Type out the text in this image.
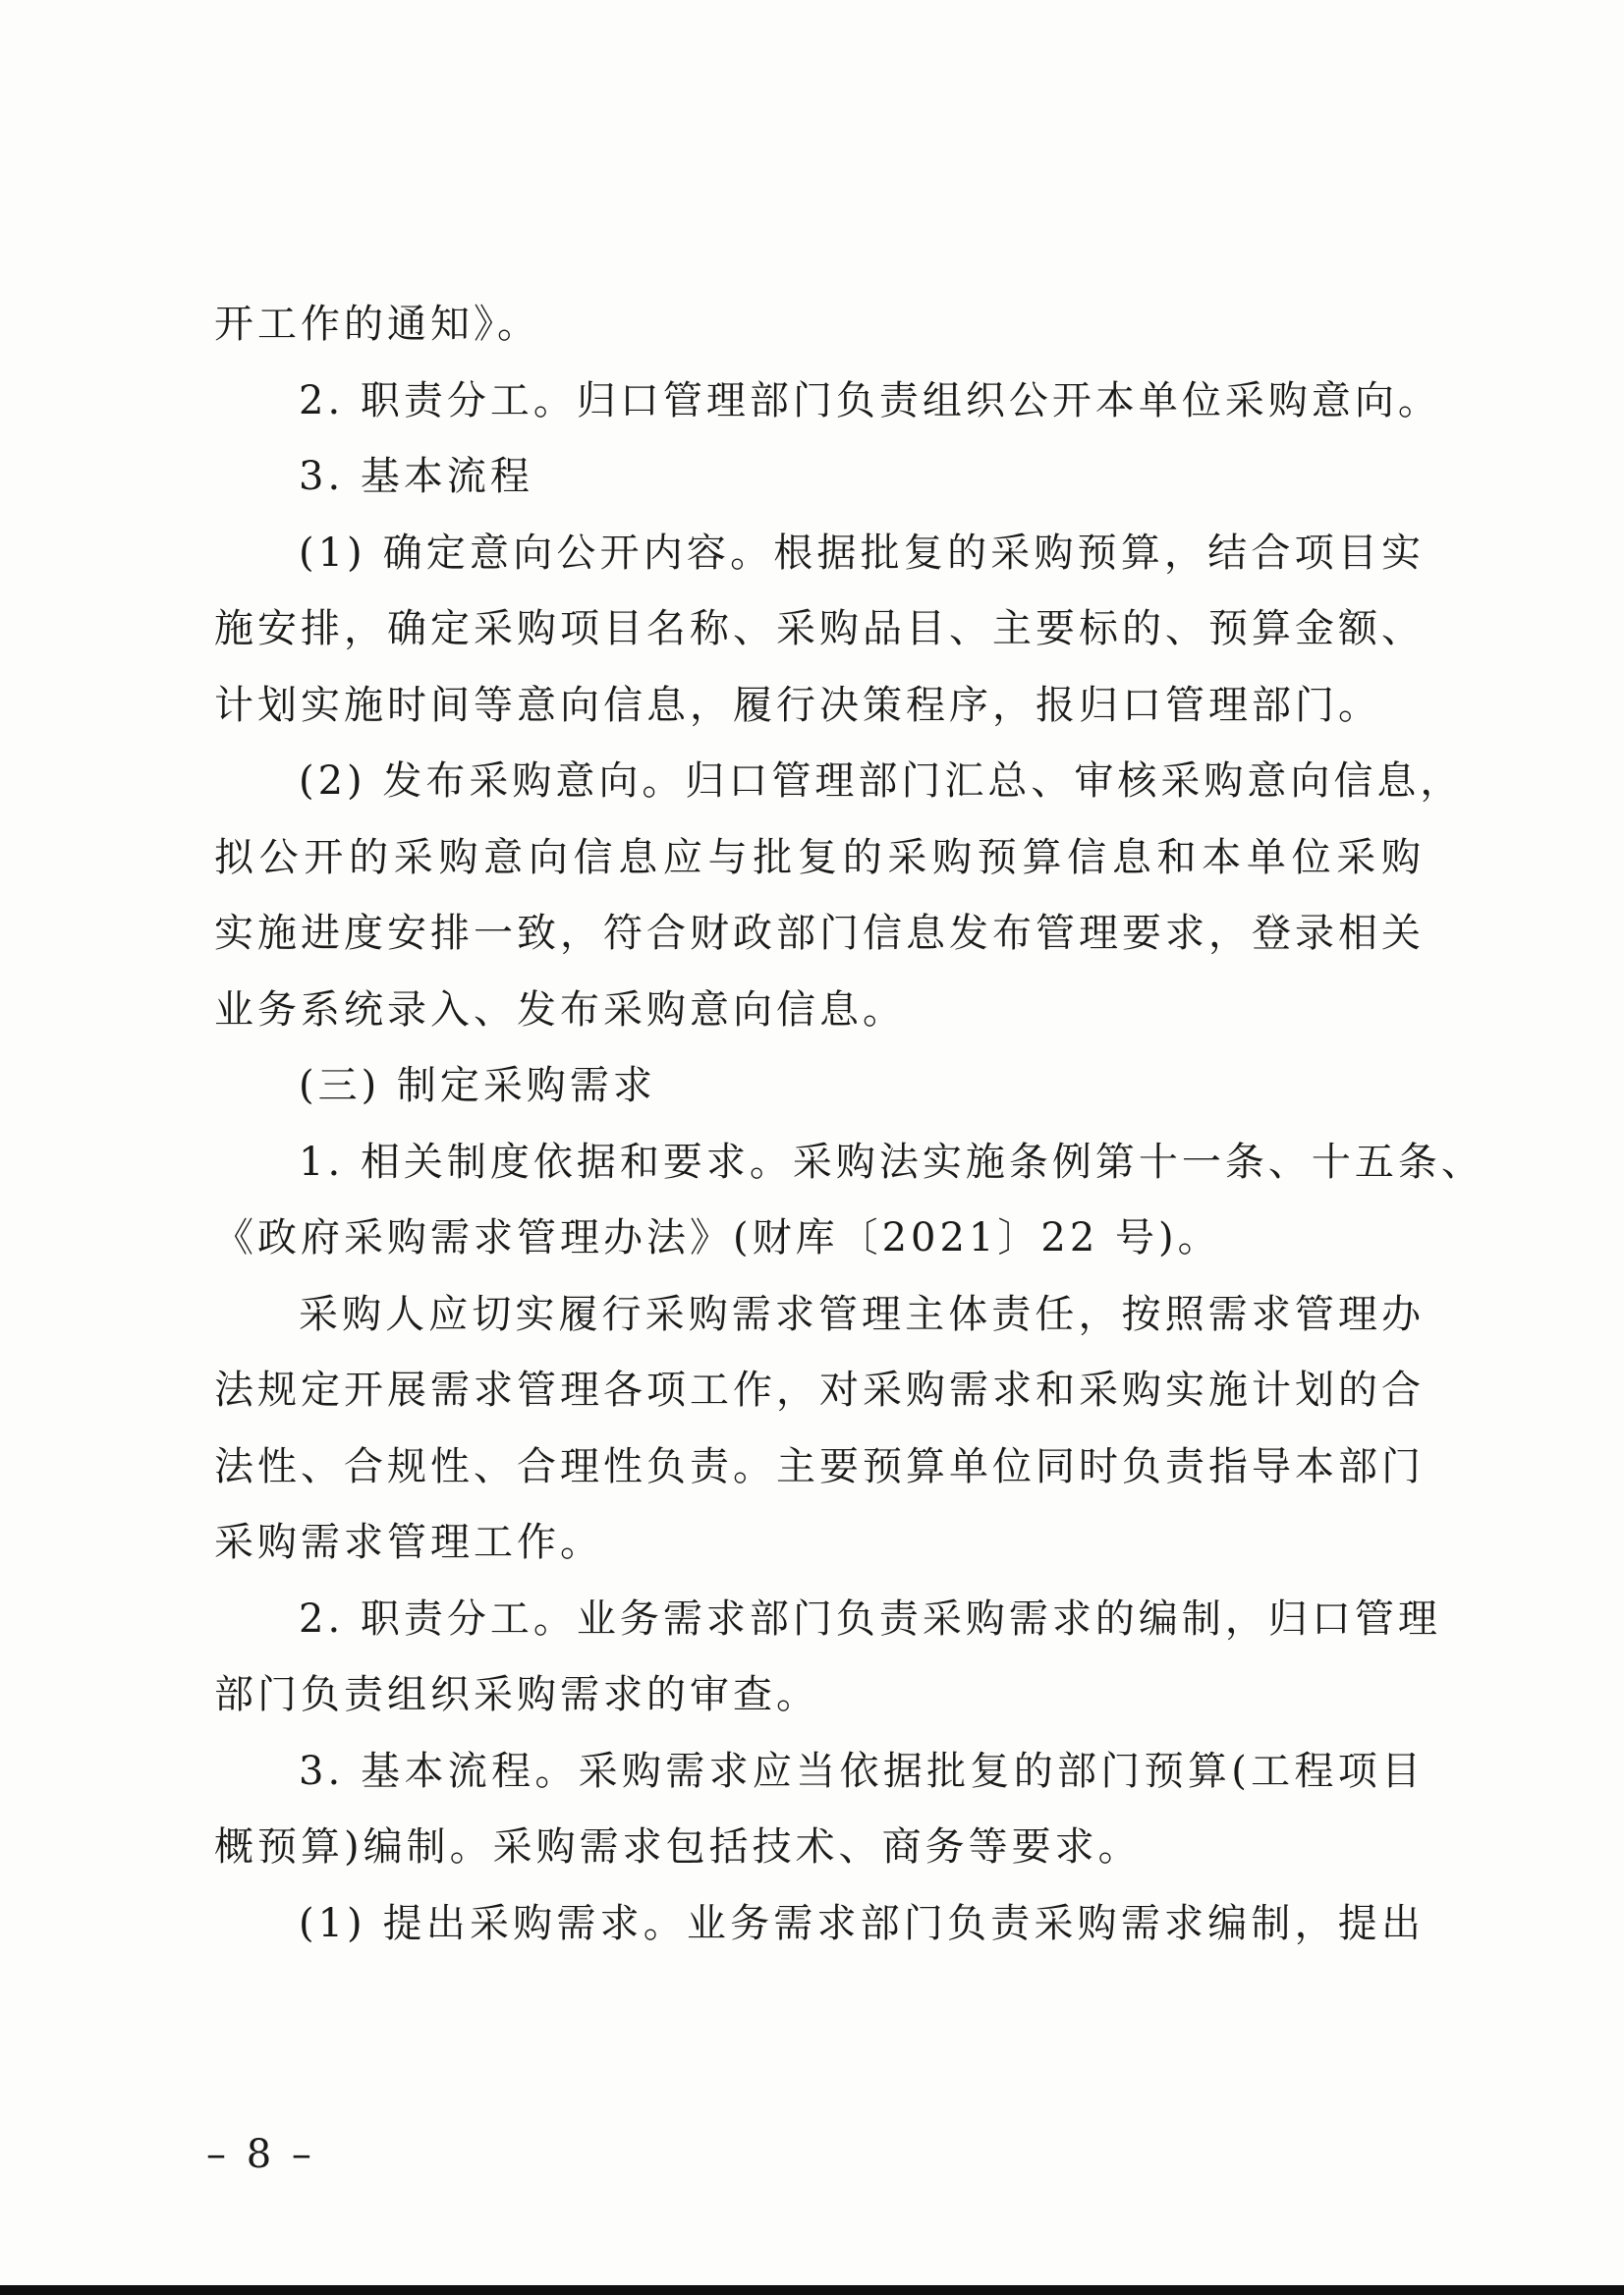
开工作的通知》。
2. 职责分工。归口管理部门负责组织公开本单位采购意向。
3. 基本流程
(1) 确定意向公开内容。根据批复的采购预算，结合项目实
施安排，确定采购项目名称、采购品目、主要标的、预算金额、
计划实施时间等意向信息，履行决策程序，报归口管理部门。
(2) 发布采购意向。归口管理部门汇总、审核采购意向信息，
拟公开的采购意向信息应与批复的采购预算信息和本单位采购
实施进度安排一致，符合财政部门信息发布管理要求，登录相关
业务系统录入、发布采购意向信息。
(三) 制定采购需求
1. 相关制度依据和要求。采购法实施条例第十一条、十五条、
《政府采购需求管理办法》(财库〔2021〕22 号)。
采购人应切实履行采购需求管理主体责任，按照需求管理办
法规定开展需求管理各项工作，对采购需求和采购实施计划的合
法性、合规性、合理性负责。主要预算单位同时负责指导本部门
采购需求管理工作。
2. 职责分工。业务需求部门负责采购需求的编制，归口管理
部门负责组织采购需求的审查。
3. 基本流程。采购需求应当依据批复的部门预算(工程项目
概预算)编制。采购需求包括技术、商务等要求。
(1) 提出采购需求。业务需求部门负责采购需求编制，提出
– 8 –
